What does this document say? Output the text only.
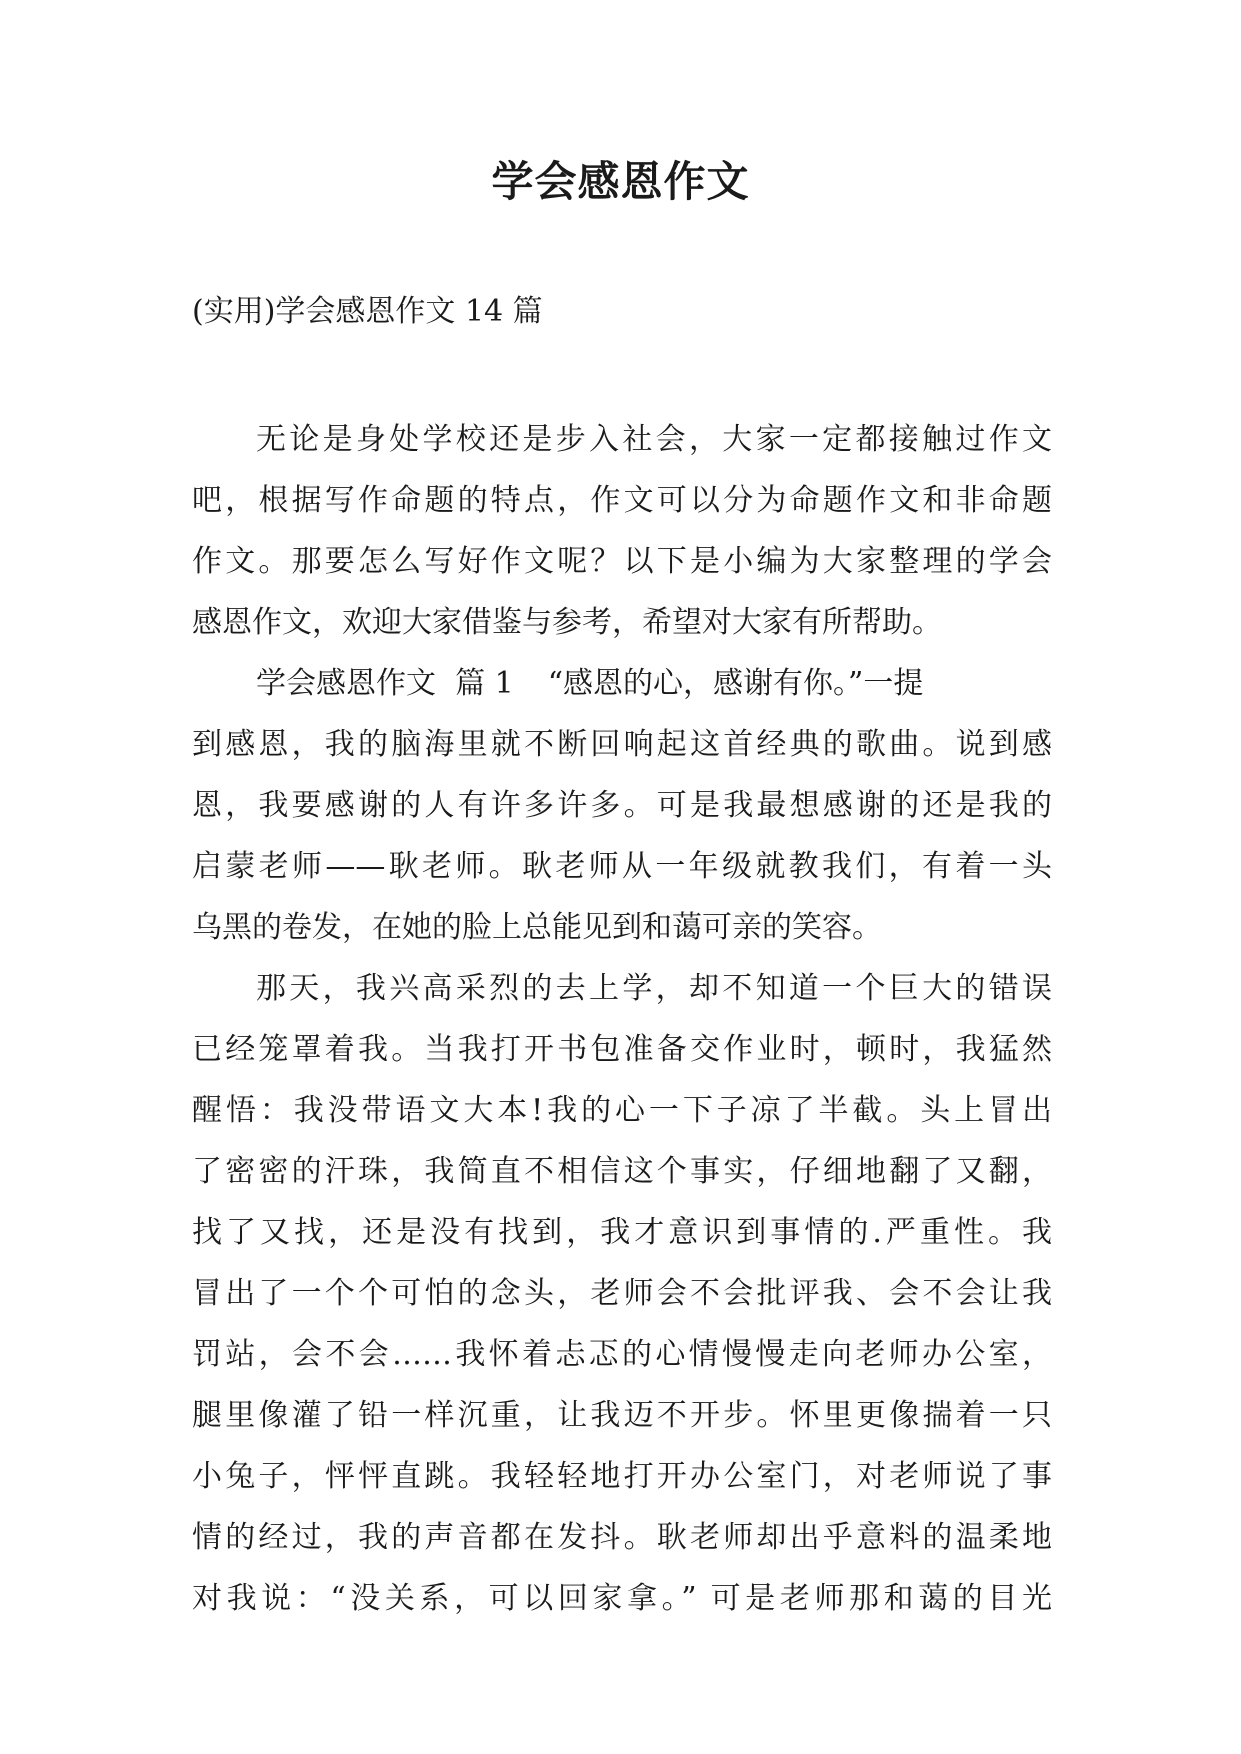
学会感恩作文
(实用)学会感恩作文 14 篇
无论是身处学校还是步入社会，大家一定都接触过作文
吧，根据写作命题的特点，作文可以分为命题作文和非命题
作文。那要怎么写好作文呢？以下是小编为大家整理的学会
感恩作文，欢迎大家借鉴与参考，希望对大家有所帮助。
学会感恩作文  篇 1 “感恩的心，感谢有你。”一提
到感恩，我的脑海里就不断回响起这首经典的歌曲。说到感
恩，我要感谢的人有许多许多。可是我最想感谢的还是我的
启蒙老师——耿老师。耿老师从一年级就教我们，有着一头
乌黑的卷发，在她的脸上总能见到和蔼可亲的笑容。
那天，我兴高采烈的去上学，却不知道一个巨大的错误
已经笼罩着我。当我打开书包准备交作业时，顿时，我猛然
醒悟：我没带语文大本!我的心一下子凉了半截。头上冒出
了密密的汗珠，我简直不相信这个事实，仔细地翻了又翻，
找了又找，还是没有找到，我才意识到事情的.严重性。我
冒出了一个个可怕的念头，老师会不会批评我、会不会让我
罚站，会不会……我怀着忐忑的心情慢慢走向老师办公室，
腿里像灌了铅一样沉重，让我迈不开步。怀里更像揣着一只
小兔子，怦怦直跳。我轻轻地打开办公室门，对老师说了事
情的经过，我的声音都在发抖。耿老师却出乎意料的温柔地
对我说：“没关系，可以回家拿。” 可是老师那和蔼的目光
